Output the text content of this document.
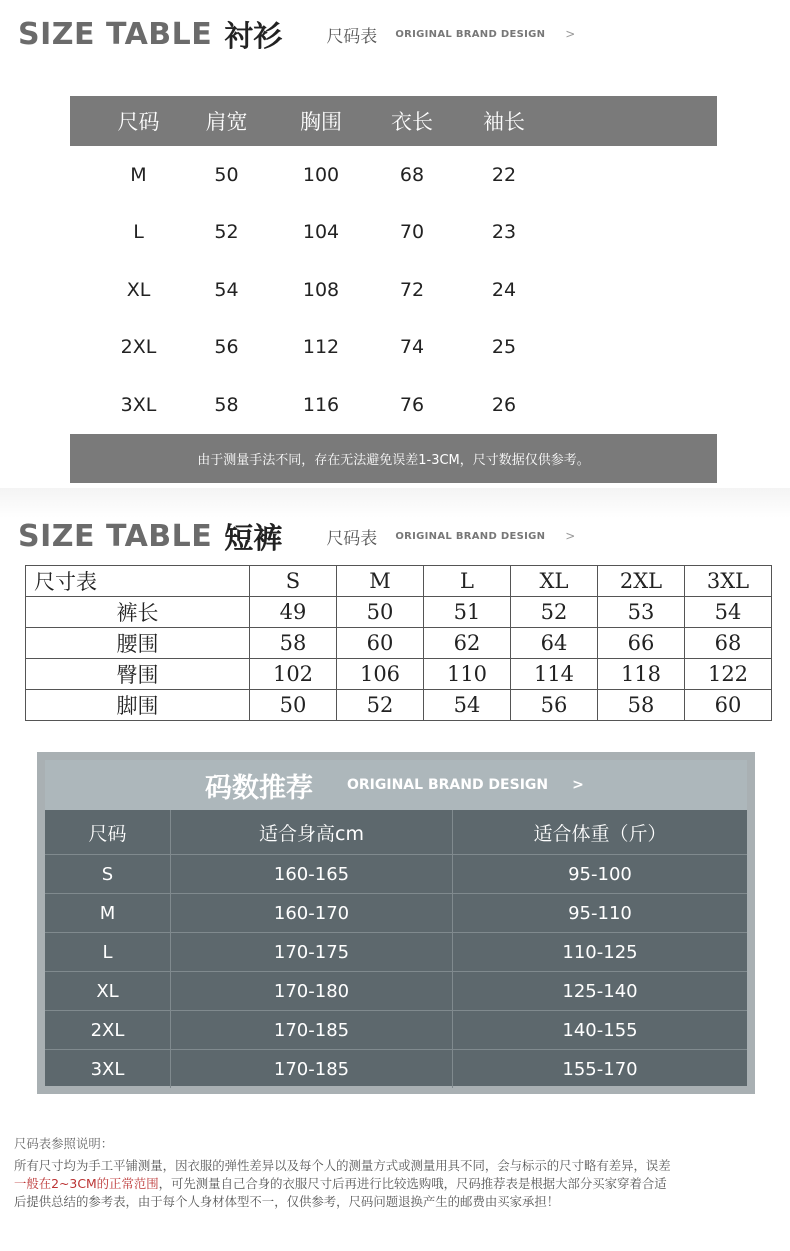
SIZE TABLE 衬衫	尺码表 ORIGINAL BRAND DESIGN >
尺码	肩宽	胸围	衣长	袖长
M	50	100	68	22
L	52	104	70	23
XL	54	108	72	24
2XL	56	112	74	25
3XL	58	116	76	26
由于测量手法不同，存在无法避免误差1-3CM，尺寸数据仅供参考。
SIZE TABLE 短裤	尺码表 ORIGINAL BRAND DESIGN >
尺寸表	S	M	L	XL	2XL	3XL
裤长	49	50	51	52	53	54
腰围	58	60	62	64	66	68
臀围	102	106	110	114	118	122
脚围	50	52	54	56	58	60
码数推荐 ORIGINAL BRAND DESIGN >
尺码	适合身高cm	适合体重（斤）
S	160-165	95-100
M	160-170	95-110
L	170-175	110-125
XL	170-180	125-140
2XL	170-185	140-155
3XL	170-185	155-170
尺码表参照说明：
所有尺寸均为手工平铺测量，因衣服的弹性差异以及每个人的测量方式或测量用具不同，会与标示的尺寸略有差异，误差
一般在2~3CM的正常范围，可先测量自己合身的衣服尺寸后再进行比较选购哦，尺码推荐表是根据大部分买家穿着合适
后提供总结的参考表，由于每个人身材体型不一，仅供参考，尺码问题退换产生的邮费由买家承担！
